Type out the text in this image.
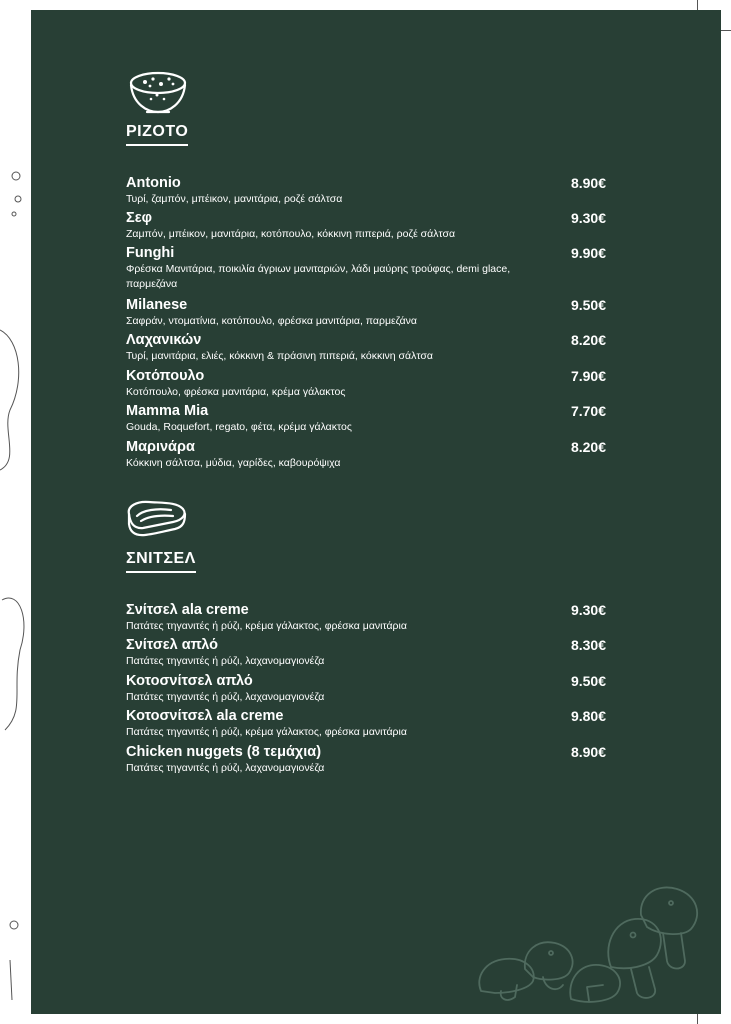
ΡΙΖΟΤΟ
Antonio	8.90€
Τυρί, ζαμπόν, μπέικον, μανιτάρια, ροζέ σάλτσα
Σεφ	9.30€
Ζαμπόν, μπέικον, μανιτάρια, κοτόπουλο, κόκκινη πιπεριά, ροζέ σάλτσα
Funghi	9.90€
Φρέσκα Μανιτάρια, ποικιλία άγριων μανιταριών, λάδι μαύρης τρούφας, demi glace, παρμεζάνα
Milanese	9.50€
Σαφράν, ντοματίνια, κοτόπουλο, φρέσκα μανιτάρια, παρμεζάνα
Λαχανικών	8.20€
Τυρί, μανιτάρια, ελιές, κόκκινη & πράσινη πιπεριά, κόκκινη σάλτσα
Κοτόπουλο	7.90€
Κοτόπουλο, φρέσκα μανιτάρια, κρέμα γάλακτος
Mamma Mia	7.70€
Gouda, Roquefort, regato, φέτα, κρέμα γάλακτος
Μαρινάρα	8.20€
Κόκκινη σάλτσα, μύδια, γαρίδες, καβουρόψιχα
ΣΝΙΤΣΕΛ
Σνίτσελ ala creme	9.30€
Πατάτες τηγανιτές ή ρύζι, κρέμα γάλακτος, φρέσκα μανιτάρια
Σνίτσελ απλό	8.30€
Πατάτες τηγανιτές ή ρύζι, λαχανομαγιονέζα
Κοτοσνίτσελ απλό	9.50€
Πατάτες τηγανιτές ή ρύζι, λαχανομαγιονέζα
Κοτοσνίτσελ ala creme	9.80€
Πατάτες τηγανιτές ή ρύζι, κρέμα γάλακτος, φρέσκα μανιτάρια
Chicken nuggets (8 τεμάχια)	8.90€
Πατάτες τηγανιτές ή ρύζι, λαχανομαγιονέζα
